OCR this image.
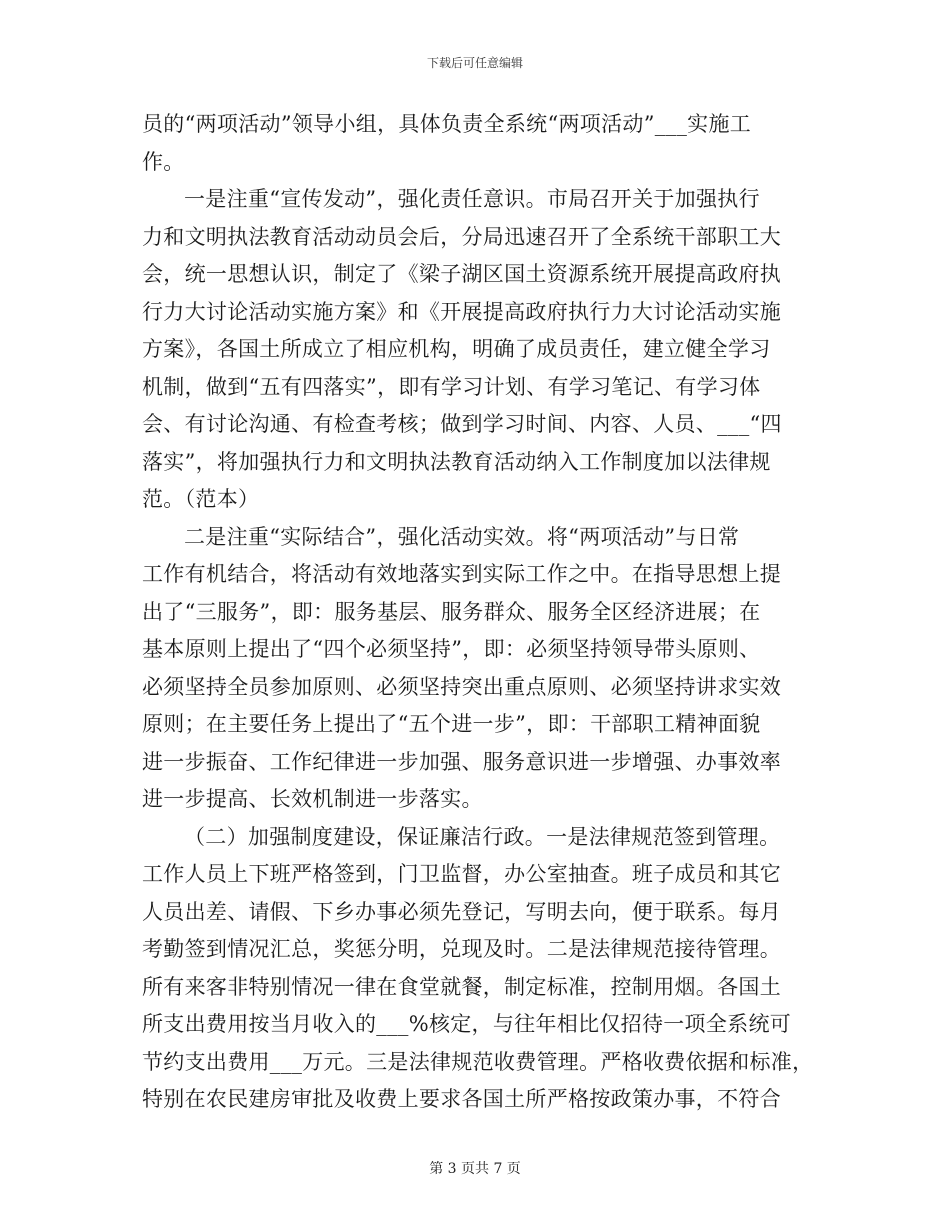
下载后可任意编辑
员的“两项活动”领导小组，具体负责全系统“两项活动”___实施工
作。
一是注重“宣传发动”，强化责任意识。市局召开关于加强执行
力和文明执法教育活动动员会后，分局迅速召开了全系统干部职工大
会，统一思想认识，制定了《梁子湖区国土资源系统开展提高政府执
行力大讨论活动实施方案》和《开展提高政府执行力大讨论活动实施
方案》，各国土所成立了相应机构，明确了成员责任，建立健全学习
机制，做到“五有四落实”，即有学习计划、有学习笔记、有学习体
会、有讨论沟通、有检查考核；做到学习时间、内容、人员、___“四
落实”，将加强执行力和文明执法教育活动纳入工作制度加以法律规
范。（范本）
二是注重“实际结合”，强化活动实效。将“两项活动”与日常
工作有机结合，将活动有效地落实到实际工作之中。在指导思想上提
出了“三服务”，即：服务基层、服务群众、服务全区经济进展；在
基本原则上提出了“四个必须坚持”，即：必须坚持领导带头原则、
必须坚持全员参加原则、必须坚持突出重点原则、必须坚持讲求实效
原则；在主要任务上提出了“五个进一步”，即：干部职工精神面貌
进一步振奋、工作纪律进一步加强、服务意识进一步增强、办事效率
进一步提高、长效机制进一步落实。
（二）加强制度建设，保证廉洁行政。一是法律规范签到管理。
工作人员上下班严格签到，门卫监督，办公室抽查。班子成员和其它
人员出差、请假、下乡办事必须先登记，写明去向，便于联系。每月
考勤签到情况汇总，奖惩分明，兑现及时。二是法律规范接待管理。
所有来客非特别情况一律在食堂就餐，制定标准，控制用烟。各国土
所支出费用按当月收入的___%核定，与往年相比仅招待一项全系统可
节约支出费用___万元。三是法律规范收费管理。严格收费依据和标准，
特别在农民建房审批及收费上要求各国土所严格按政策办事，不符合
第 3 页共 7 页
